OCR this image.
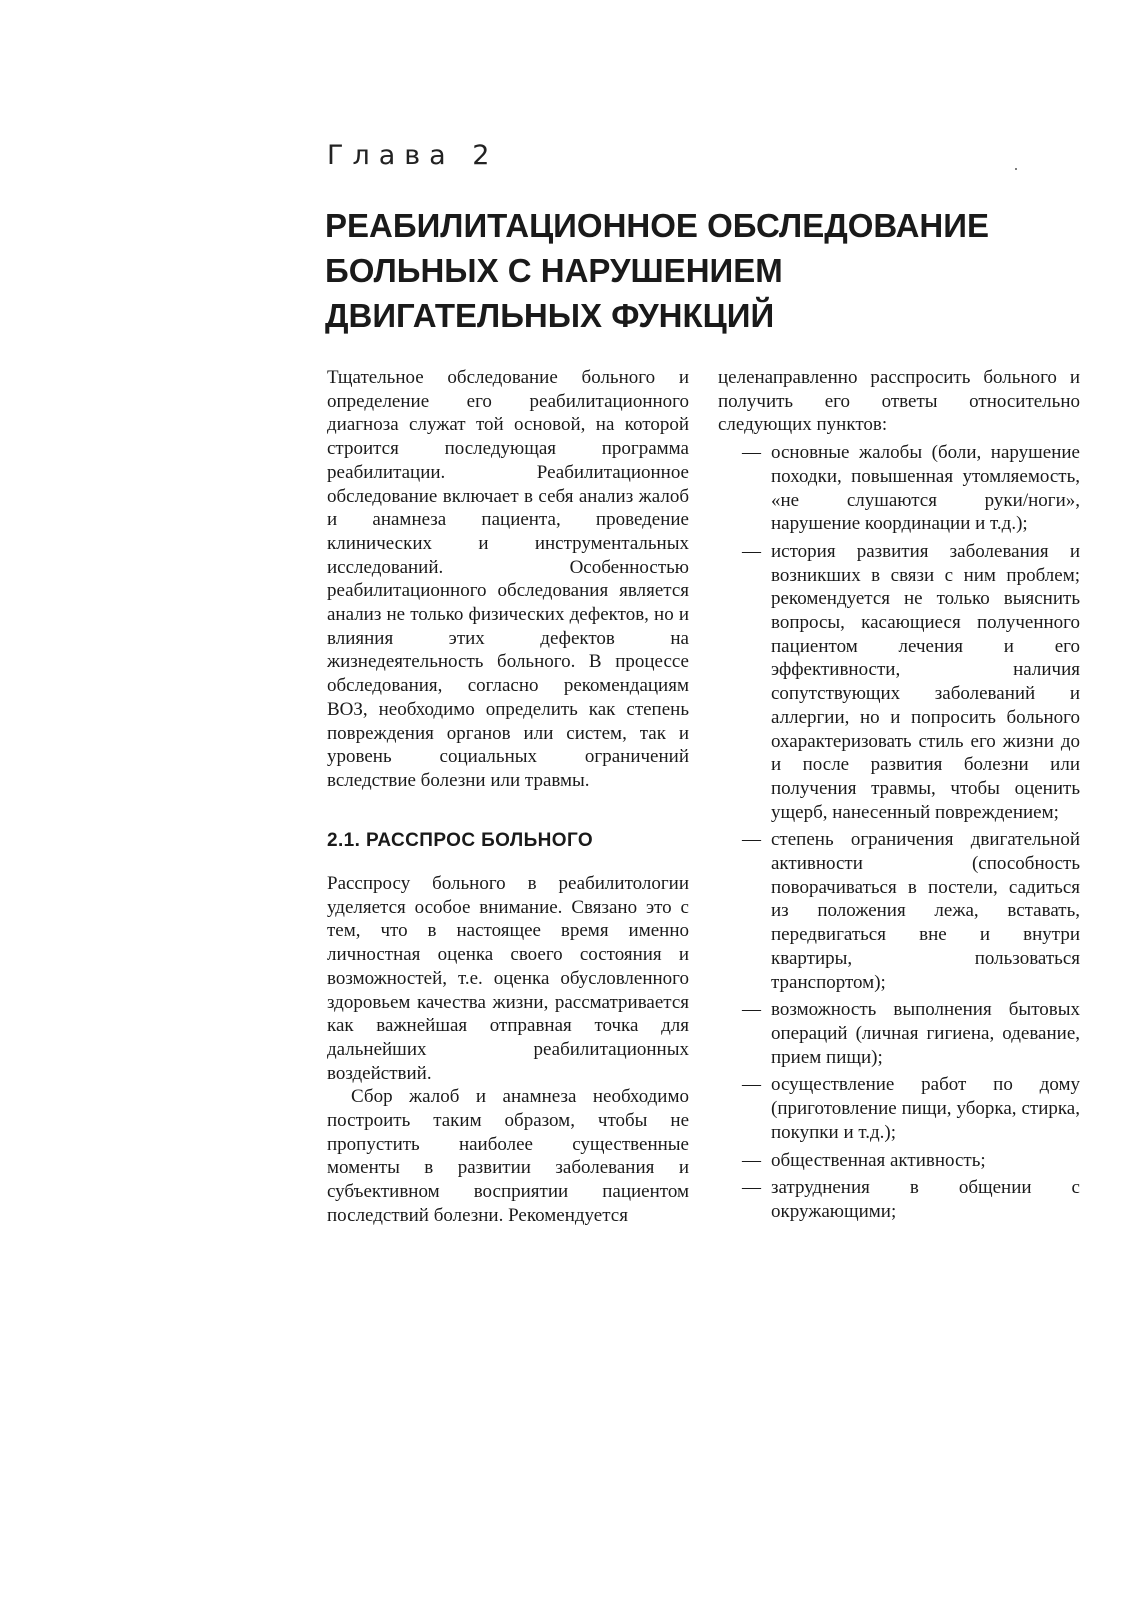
Глава 2
РЕАБИЛИТАЦИОННОЕ ОБСЛЕДОВАНИЕ
БОЛЬНЫХ С НАРУШЕНИЕМ
ДВИГАТЕЛЬНЫХ ФУНКЦИЙ

Тщательное обследование больного и определение его реабилитационного диагноза служат той основой, на которой строится последующая программа реабилитации. Реабилитационное обследование включает в себя анализ жалоб и анамнеза пациента, проведение клинических и инструментальных исследований. Особенностью реабилитационного обследования является анализ не только физических дефектов, но и влияния этих дефектов на жизнедеятельность больного. В процессе обследования, согласно рекомендациям ВОЗ, необходимо определить как степень повреждения органов или систем, так и уровень социальных ограничений вследствие болезни или травмы.

2.1. РАССПРОС БОЛЬНОГО

Расспросу больного в реабилитологии уделяется особое внимание. Связано это с тем, что в настоящее время именно личностная оценка своего состояния и возможностей, т.е. оценка обусловленного здоровьем качества жизни, рассматривается как важнейшая отправная точка для дальнейших реабилитационных воздействий.

Сбор жалоб и анамнеза необходимо построить таким образом, чтобы не пропустить наиболее существенные моменты в развитии заболевания и субъективном восприятии пациентом последствий болезни. Рекомендуется

целенаправленно расспросить больного и получить его ответы относительно следующих пунктов:

— основные жалобы (боли, нарушение походки, повышенная утомляемость, «не слушаются руки/ноги», нарушение координации и т.д.);
— история развития заболевания и возникших в связи с ним проблем; рекомендуется не только выяснить вопросы, касающиеся полученного пациентом лечения и его эффективности, наличия сопутствующих заболеваний и аллергии, но и попросить больного охарактеризовать стиль его жизни до и после развития болезни или получения травмы, чтобы оценить ущерб, нанесенный повреждением;
— степень ограничения двигательной активности (способность поворачиваться в постели, садиться из положения лежа, вставать, передвигаться вне и внутри квартиры, пользоваться транспортом);
— возможность выполнения бытовых операций (личная гигиена, одевание, прием пищи);
— осуществление работ по дому (приготовление пищи, уборка, стирка, покупки и т.д.);
— общественная активность;
— затруднения в общении с окружающими;
